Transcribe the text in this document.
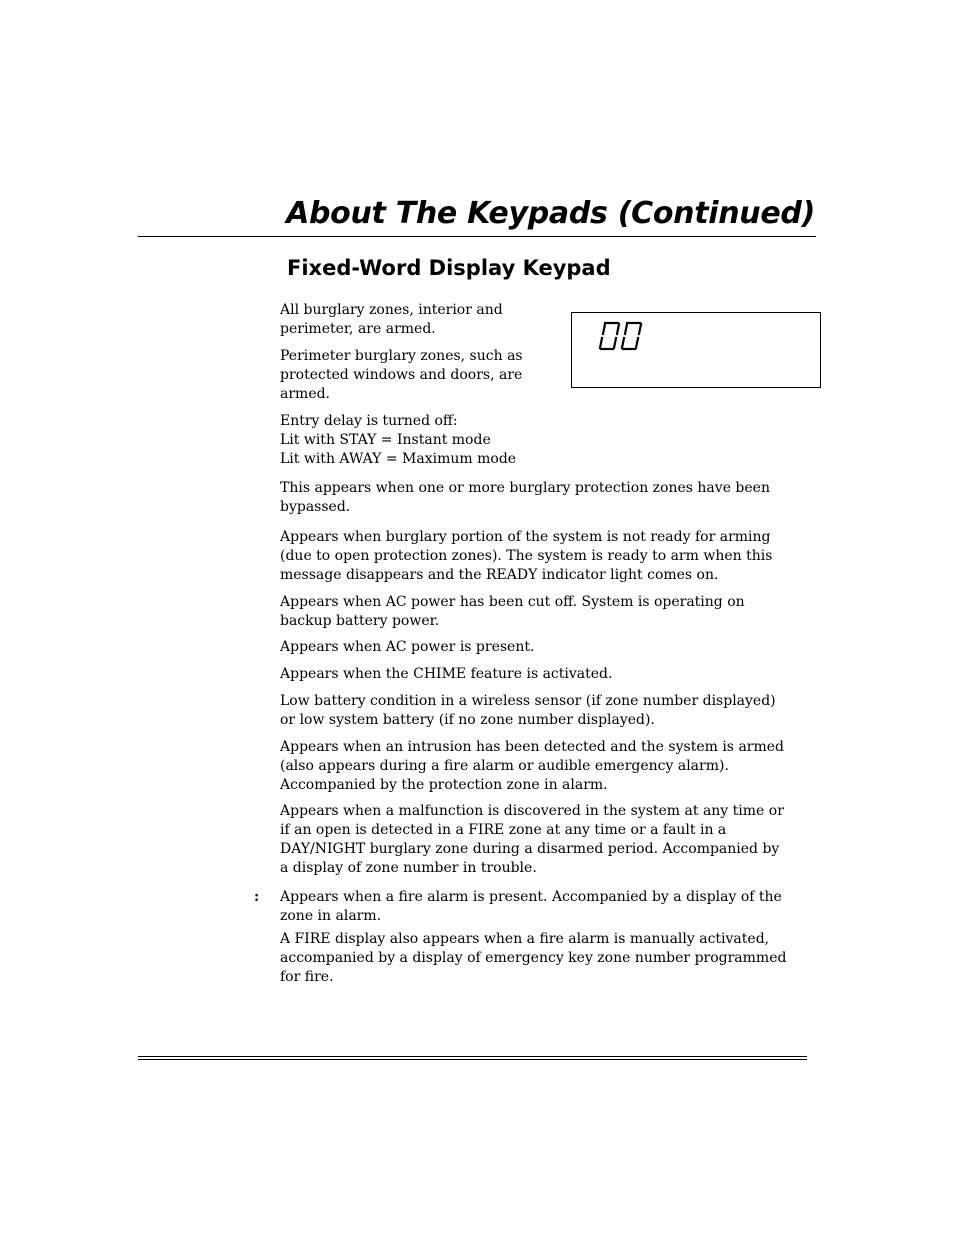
About The Keypads (Continued)
Fixed-Word Display Keypad

All burglary zones, interior and
perimeter, are armed.

Perimeter burglary zones, such as
protected windows and doors, are
armed.

Entry delay is turned off:
Lit with STAY = Instant mode
Lit with AWAY = Maximum mode

This appears when one or more burglary protection zones have been
bypassed.

Appears when burglary portion of the system is not ready for arming
(due to open protection zones). The system is ready to arm when this
message disappears and the READY indicator light comes on.

Appears when AC power has been cut off. System is operating on
backup battery power.

Appears when AC power is present.

Appears when the CHIME feature is activated.

Low battery condition in a wireless sensor (if zone number displayed)
or low system battery (if no zone number displayed).

Appears when an intrusion has been detected and the system is armed
(also appears during a fire alarm or audible emergency alarm).
Accompanied by the protection zone in alarm.

Appears when a malfunction is discovered in the system at any time or
if an open is detected in a FIRE zone at any time or a fault in a
DAY/NIGHT burglary zone during a disarmed period. Accompanied by
a display of zone number in trouble.

: Appears when a fire alarm is present. Accompanied by a display of the
zone in alarm.

A FIRE display also appears when a fire alarm is manually activated,
accompanied by a display of emergency key zone number programmed
for fire.
